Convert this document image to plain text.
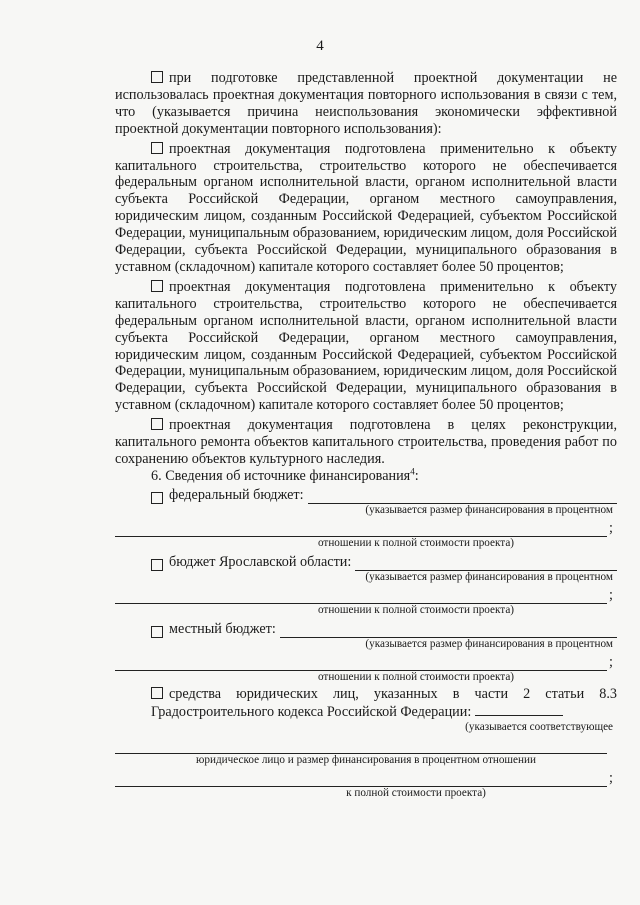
4

при подготовке представленной проектной документации не использовалась проектная документация повторного использования в связи с тем, что (указывается причина неиспользования экономически эффективной проектной документации повторного использования):

проектная документация подготовлена применительно к объекту капитального строительства, строительство которого не обеспечивается федеральным органом исполнительной власти, органом исполнительной власти субъекта Российской Федерации, органом местного самоуправления, юридическим лицом, созданным Российской Федерацией, субъектом Российской Федерации, муниципальным образованием, юридическим лицом, доля Российской Федерации, субъекта Российской Федерации, муниципального образования в уставном (складочном) капитале которого составляет более 50 процентов;

проектная документация подготовлена применительно к объекту капитального строительства, строительство которого не обеспечивается федеральным органом исполнительной власти, органом исполнительной власти субъекта Российской Федерации, органом местного самоуправления, юридическим лицом, созданным Российской Федерацией, субъектом Российской Федерации, муниципальным образованием, юридическим лицом, доля Российской Федерации, субъекта Российской Федерации, муниципального образования в уставном (складочном) капитале которого составляет более 50 процентов;

проектная документация подготовлена в целях реконструкции, капитального ремонта объектов капитального строительства, проведения работ по сохранению объектов культурного наследия.

6. Сведения об источнике финансирования$^4$:

федеральный бюджет:
(указывается размер финансирования в процентном
;
отношении к полной стоимости проекта)
бюджет Ярославской области:
(указывается размер финансирования в процентном
;
отношении к полной стоимости проекта)
местный бюджет:
(указывается размер финансирования в процентном
;
отношении к полной стоимости проекта)

средства юридических лиц, указанных в части 2 статьи 8.3 Градостроительного кодекса Российской Федерации:

(указывается соответствующее
юридическое лицо и размер финансирования в процентном отношении
;
к полной стоимости проекта)
